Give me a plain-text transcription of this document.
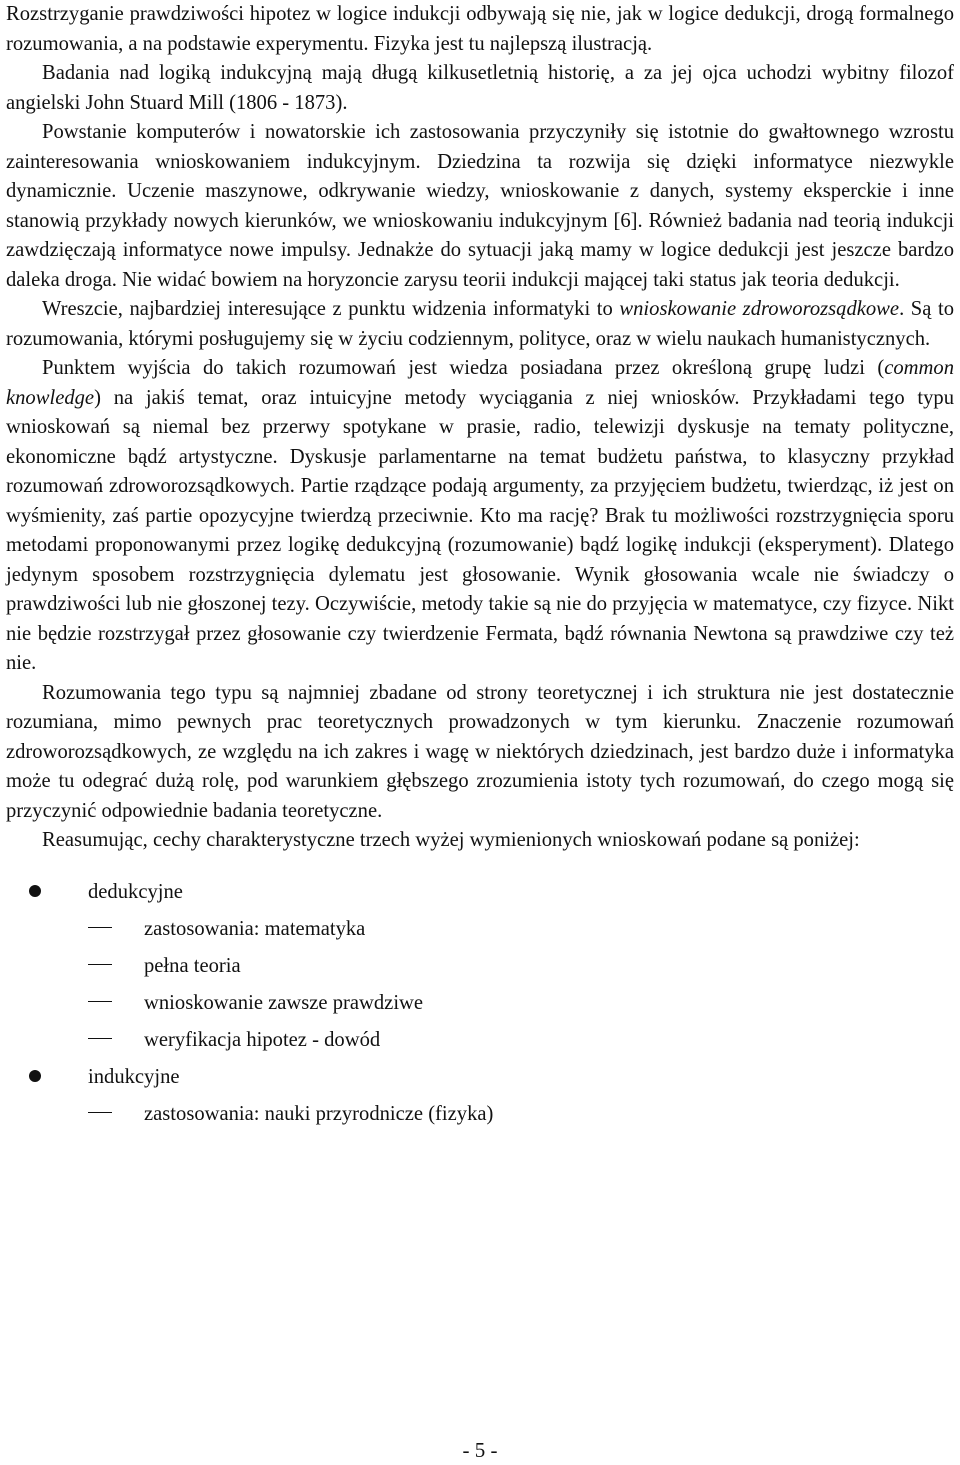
Rozstrzyganie prawdziwości hipotez w logice indukcji odbywają się nie, jak w logice dedukcji, drogą formalnego rozumowania, a na podstawie experymentu. Fizyka jest tu najlepszą ilustracją.

Badania nad logiką indukcyjną mają długą kilkusetletnią historię, a za jej ojca uchodzi wybitny filozof angielski John Stuard Mill (1806 - 1873).

Powstanie komputerów i nowatorskie ich zastosowania przyczyniły się istotnie do gwałtownego wzrostu zainteresowania wnioskowaniem indukcyjnym. Dziedzina ta rozwija się dzięki informatyce niezwykle dynamicznie. Uczenie maszynowe, odkrywanie wiedzy, wnioskowanie z danych, systemy eksperckie i inne stanowią przykłady nowych kierunków, we wnioskowaniu indukcyjnym [6]. Również badania nad teorią indukcji zawdzięczają informatyce nowe impulsy. Jednakże do sytuacji jaką mamy w logice dedukcji jest jeszcze bardzo daleka droga. Nie widać bowiem na horyzoncie zarysu teorii indukcji mającej taki status jak teoria dedukcji.

Wreszcie, najbardziej interesujące z punktu widzenia informatyki to wnioskowanie zdroworozsądkowe. Są to rozumowania, którymi posługujemy się w życiu codziennym, polityce, oraz w wielu naukach humanistycznych.

Punktem wyjścia do takich rozumowań jest wiedza posiadana przez określoną grupę ludzi (common knowledge) na jakiś temat, oraz intuicyjne metody wyciągania z niej wniosków. Przykładami tego typu wnioskowań są niemal bez przerwy spotykane w prasie, radio, telewizji dyskusje na tematy polityczne, ekonomiczne bądź artystyczne. Dyskusje parlamentarne na temat budżetu państwa, to klasyczny przykład rozumowań zdroworozsądkowych. Partie rządzące podają argumenty, za przyjęciem budżetu, twierdząc, iż jest on wyśmienity, zaś partie opozycyjne twierdzą przeciwnie. Kto ma rację? Brak tu możliwości rozstrzygnięcia sporu metodami proponowanymi przez logikę dedukcyjną (rozumowanie) bądź logikę indukcji (eksperyment). Dlatego jedynym sposobem rozstrzygnięcia dylematu jest głosowanie. Wynik głosowania wcale nie świadczy o prawdziwości lub nie głoszonej tezy. Oczywiście, metody takie są nie do przyjęcia w matematyce, czy fizyce. Nikt nie będzie rozstrzygał przez głosowanie czy twierdzenie Fermata, bądź równania Newtona są prawdziwe czy też nie.

Rozumowania tego typu są najmniej zbadane od strony teoretycznej i ich struktura nie jest dostatecznie rozumiana, mimo pewnych prac teoretycznych prowadzonych w tym kierunku. Znaczenie rozumowań zdroworozsądkowych, ze względu na ich zakres i wagę w niektórych dziedzinach, jest bardzo duże i informatyka może tu odegrać dużą rolę, pod warunkiem głębszego zrozumienia istoty tych rozumowań, do czego mogą się przyczynić odpowiednie badania teoretyczne.

Reasumując, cechy charakterystyczne trzech wyżej wymienionych wnioskowań podane są poniżej:

dedukcyjne
zastosowania: matematyka
pełna teoria
wnioskowanie zawsze prawdziwe
weryfikacja hipotez - dowód
indukcyjne
zastosowania: nauki przyrodnicze (fizyka)
- 5 -
